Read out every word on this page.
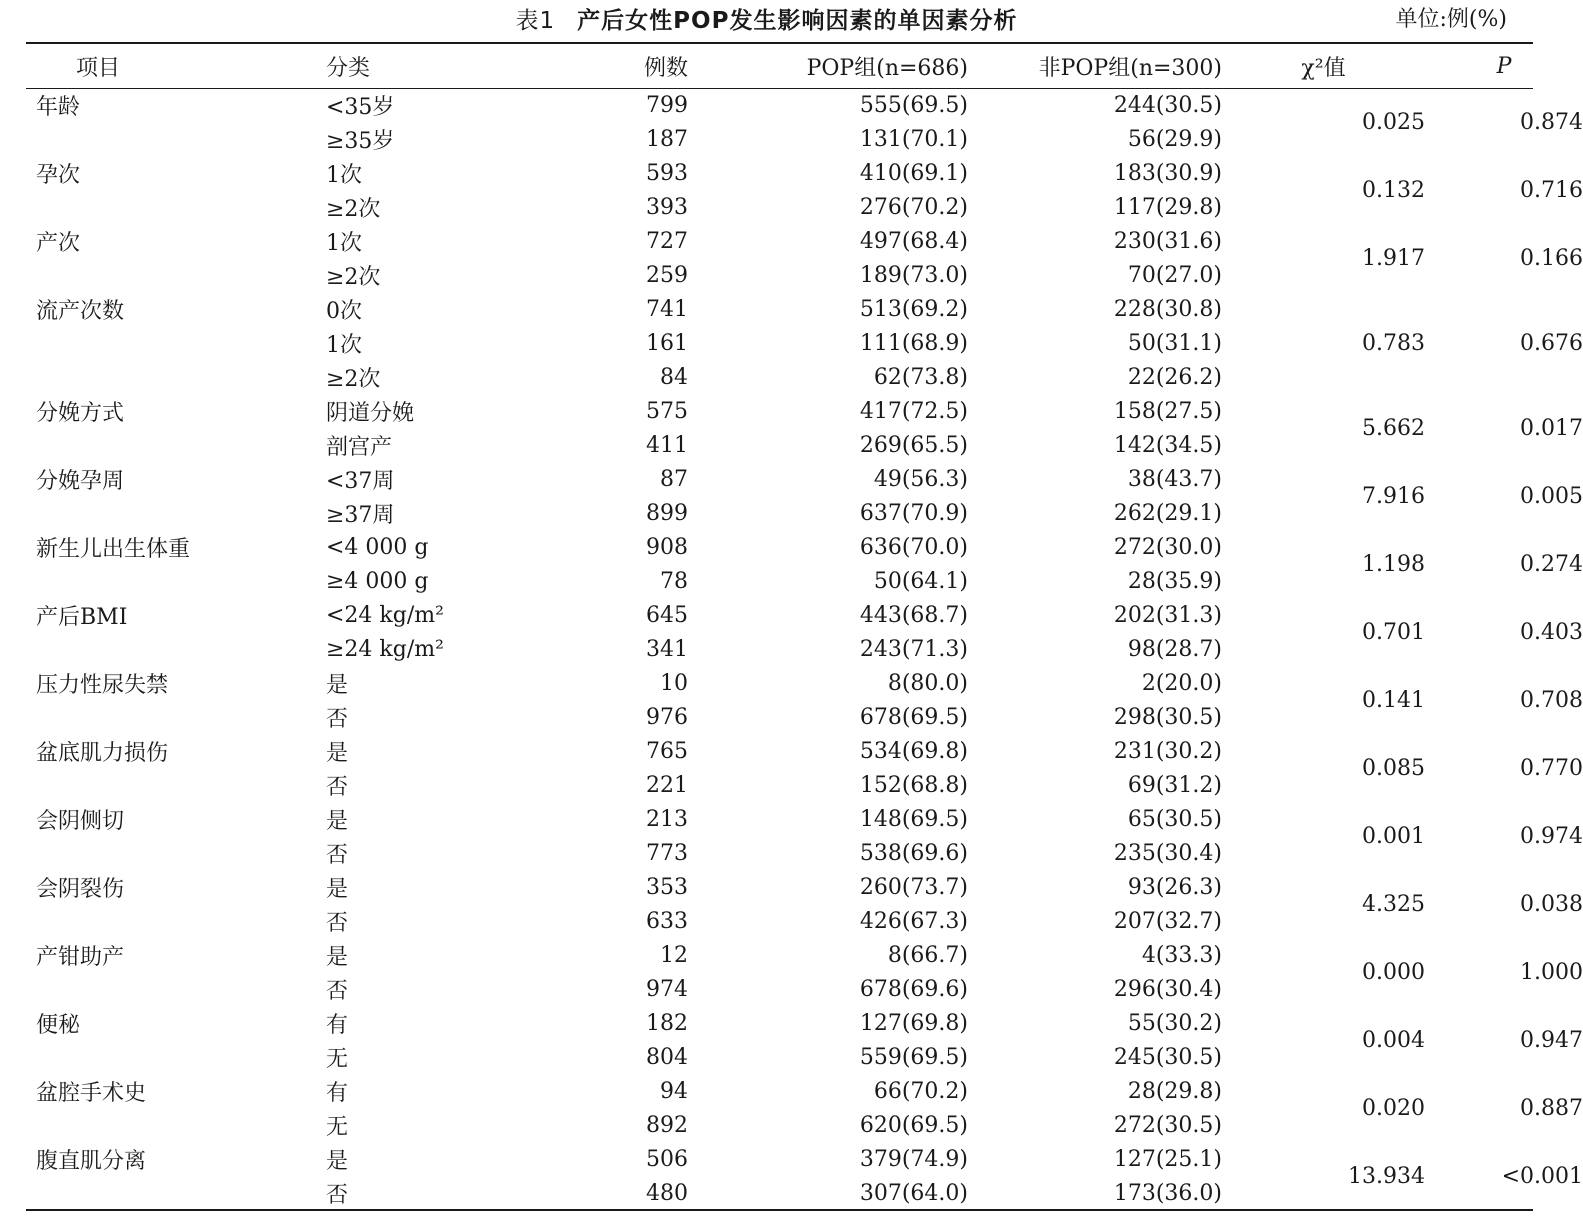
表1 产后女性POP发生影响因素的单因素分析	单位:例(%)
项目	分类	例数	POP组(n=686)	非POP组(n=300)	χ²值	P
年龄	<35岁	799	555(69.5)	244(30.5)	0.025	0.874
	≥35岁	187	131(70.1)	56(29.9)		
孕次	1次	593	410(69.1)	183(30.9)	0.132	0.716
	≥2次	393	276(70.2)	117(29.8)		
产次	1次	727	497(68.4)	230(31.6)	1.917	0.166
	≥2次	259	189(73.0)	70(27.0)		
流产次数	0次	741	513(69.2)	228(30.8)	0.783	0.676
	1次	161	111(68.9)	50(31.1)		
	≥2次	84	62(73.8)	22(26.2)		
分娩方式	阴道分娩	575	417(72.5)	158(27.5)	5.662	0.017
	剖宫产	411	269(65.5)	142(34.5)		
分娩孕周	<37周	87	49(56.3)	38(43.7)	7.916	0.005
	≥37周	899	637(70.9)	262(29.1)		
新生儿出生体重	<4 000 g	908	636(70.0)	272(30.0)	1.198	0.274
	≥4 000 g	78	50(64.1)	28(35.9)		
产后BMI	<24 kg/m²	645	443(68.7)	202(31.3)	0.701	0.403
	≥24 kg/m²	341	243(71.3)	98(28.7)		
压力性尿失禁	是	10	8(80.0)	2(20.0)	0.141	0.708
	否	976	678(69.5)	298(30.5)		
盆底肌力损伤	是	765	534(69.8)	231(30.2)	0.085	0.770
	否	221	152(68.8)	69(31.2)		
会阴侧切	是	213	148(69.5)	65(30.5)	0.001	0.974
	否	773	538(69.6)	235(30.4)		
会阴裂伤	是	353	260(73.7)	93(26.3)	4.325	0.038
	否	633	426(67.3)	207(32.7)		
产钳助产	是	12	8(66.7)	4(33.3)	0.000	1.000
	否	974	678(69.6)	296(30.4)		
便秘	有	182	127(69.8)	55(30.2)	0.004	0.947
	无	804	559(69.5)	245(30.5)		
盆腔手术史	有	94	66(70.2)	28(29.8)	0.020	0.887
	无	892	620(69.5)	272(30.5)		
腹直肌分离	是	506	379(74.9)	127(25.1)	13.934	<0.001
	否	480	307(64.0)	173(36.0)		
